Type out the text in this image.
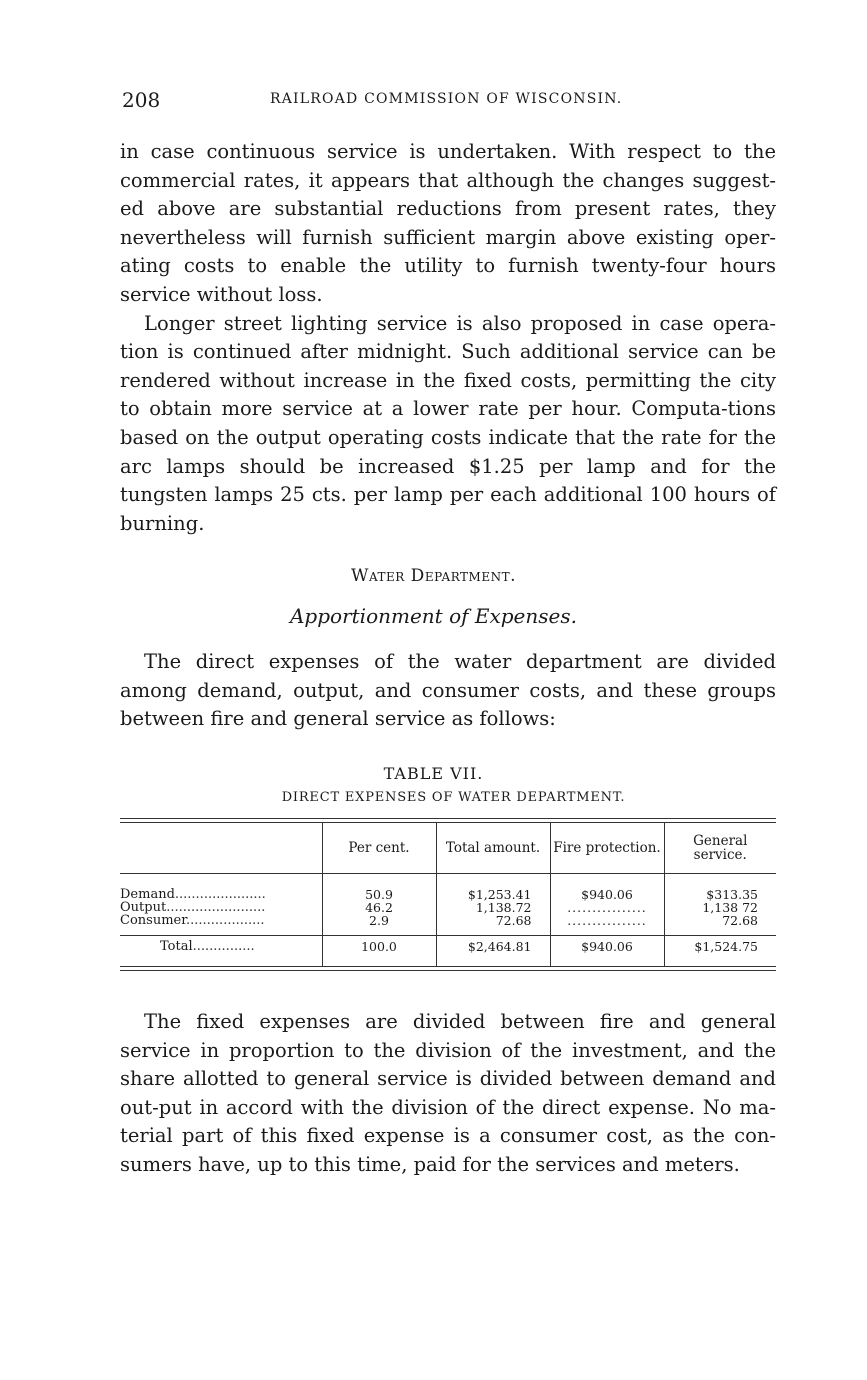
208	RAILROAD COMMISSION OF WISCONSIN.

in case continuous service is undertaken. With respect to the commercial rates, it appears that although the changes suggest-ed above are substantial reductions from present rates, they nevertheless will furnish sufficient margin above existing oper-ating costs to enable the utility to furnish twenty-four hours service without loss.

Longer street lighting service is also proposed in case opera-tion is continued after midnight. Such additional service can be rendered without increase in the fixed costs, permitting the city to obtain more service at a lower rate per hour. Computa-tions based on the output operating costs indicate that the rate for the arc lamps should be increased $1.25 per lamp and for the tungsten lamps 25 cts. per lamp per each additional 100 hours of burning.

Water Department.
Apportionment of Expenses.

The direct expenses of the water department are divided among demand, output, and consumer costs, and these groups between fire and general service as follows:

TABLE VII.
DIRECT EXPENSES OF WATER DEPARTMENT.
	Per cent.	Total amount.	Fire protection.	General service.

Demand......................	50.9	$1,253.41	$940.06	$313.35
Output........................	46.2	1,138.72	................	1,138 72
Consumer...................	2.9	72.68	................	72.68

Total...............	100.0	$2,464.81	$940.06	$1,524.75

The fixed expenses are divided between fire and general service in proportion to the division of the investment, and the share allotted to general service is divided between demand and out-put in accord with the division of the direct expense. No ma-terial part of this fixed expense is a consumer cost, as the con-sumers have, up to this time, paid for the services and meters.
